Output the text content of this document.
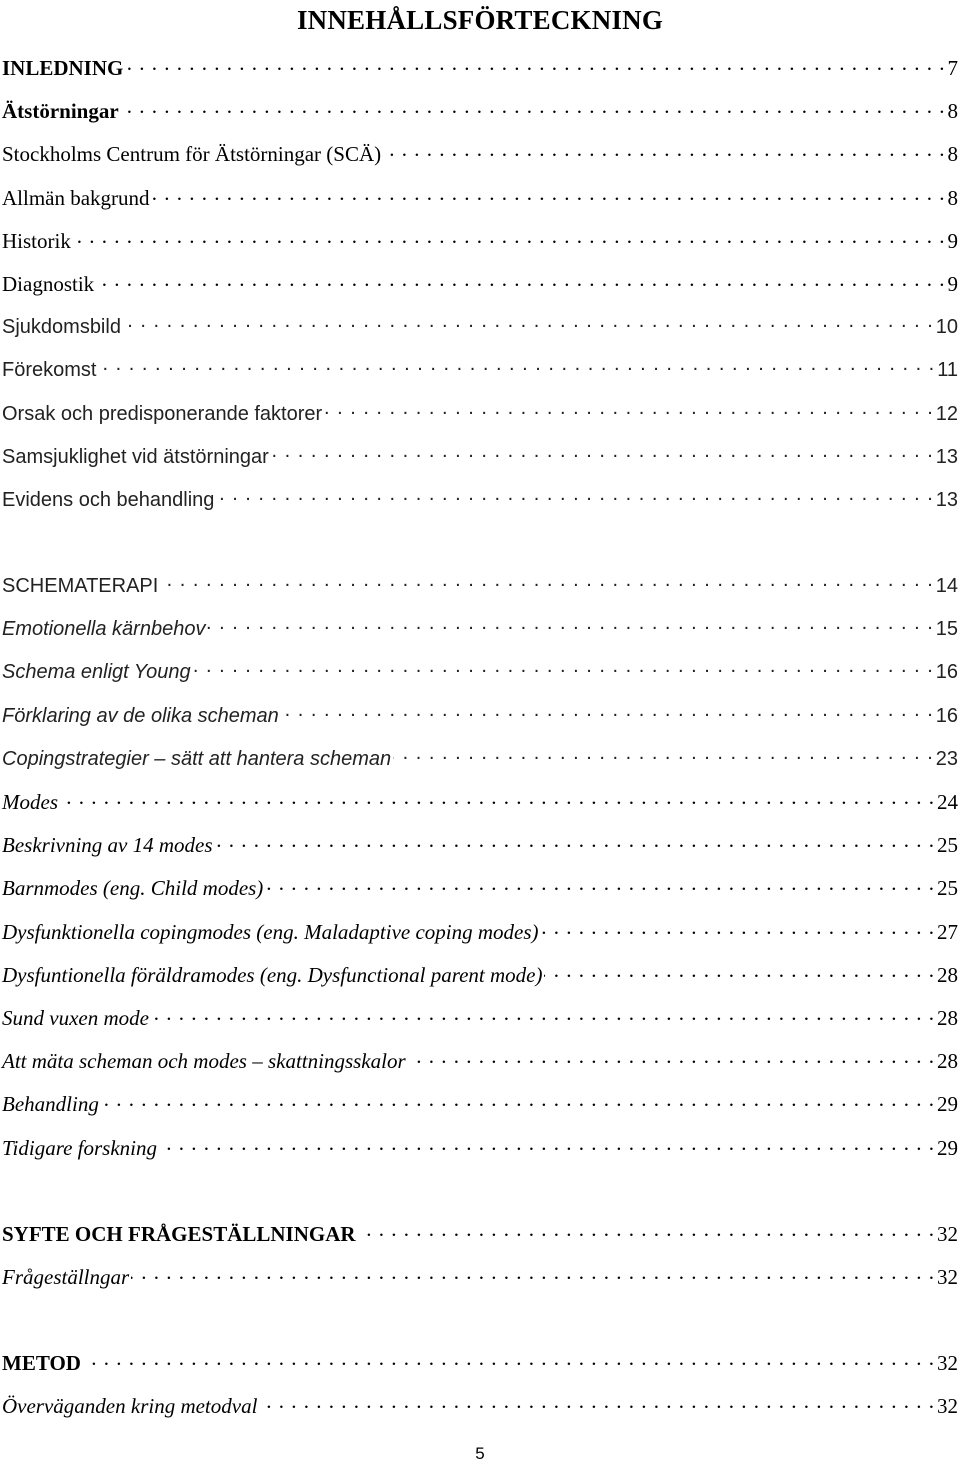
INNEHÅLLSFÖRTECKNING
INLEDNING . . .	7
Ätstörningar . . .	8
Stockholms Centrum för Ätstörningar (SCÄ) . . .	8
Allmän bakgrund . . .	8
Historik . . .	9
Diagnostik . . .	9
Sjukdomsbild . . .	10
Förekomst . . .	11
Orsak och predisponerande faktorer . . .	12
Samsjuklighet vid ätstörningar . . .	13
Evidens och behandling . . .	13
SCHEMATERAPI . . .	14
Emotionella kärnbehov . . .	15
Schema enligt Young . . .	16
Förklaring av de olika scheman . . .	16
Copingstrategier – sätt att hantera scheman . . .	23
Modes . . .	24
Beskrivning av 14 modes . . .	25
Barnmodes (eng. Child modes) . . .	25
Dysfunktionella copingmodes (eng. Maladaptive coping modes) . . .	27
Dysfuntionella föräldramodes (eng. Dysfunctional parent mode) . . .	28
Sund vuxen mode . . .	28
Att mäta scheman och modes – skattningsskalor . . .	28
Behandling . . .	29
Tidigare forskning . . .	29
SYFTE OCH FRÅGESTÄLLNINGAR . . .	32
Frågeställngar . . .	32
METOD . . .	32
Överväganden kring metodval . . .	32
5
